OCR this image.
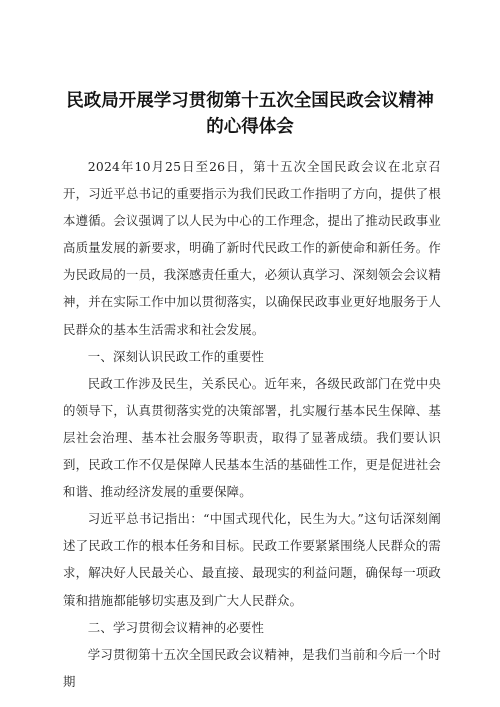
民政局开展学习贯彻第十五次全国民政会议精神
的心得体会

2024年10月25日至26日，第十五次全国民政会议在北京召开，习近平总书记的重要指示为我们民政工作指明了方向，提供了根本遵循。会议强调了以人民为中心的工作理念，提出了推动民政事业高质量发展的新要求，明确了新时代民政工作的新使命和新任务。作为民政局的一员，我深感责任重大，必须认真学习、深刻领会会议精神，并在实际工作中加以贯彻落实，以确保民政事业更好地服务于人民群众的基本生活需求和社会发展。

一、深刻认识民政工作的重要性

民政工作涉及民生，关系民心。近年来，各级民政部门在党中央的领导下，认真贯彻落实党的决策部署，扎实履行基本民生保障、基层社会治理、基本社会服务等职责，取得了显著成绩。我们要认识到，民政工作不仅是保障人民基本生活的基础性工作，更是促进社会和谐、推动经济发展的重要保障。

习近平总书记指出：“中国式现代化，民生为大。”这句话深刻阐述了民政工作的根本任务和目标。民政工作要紧紧围绕人民群众的需求，解决好人民最关心、最直接、最现实的利益问题，确保每一项政策和措施都能够切实惠及到广大人民群众。

二、学习贯彻会议精神的必要性

学习贯彻第十五次全国民政会议精神，是我们当前和今后一个时期
